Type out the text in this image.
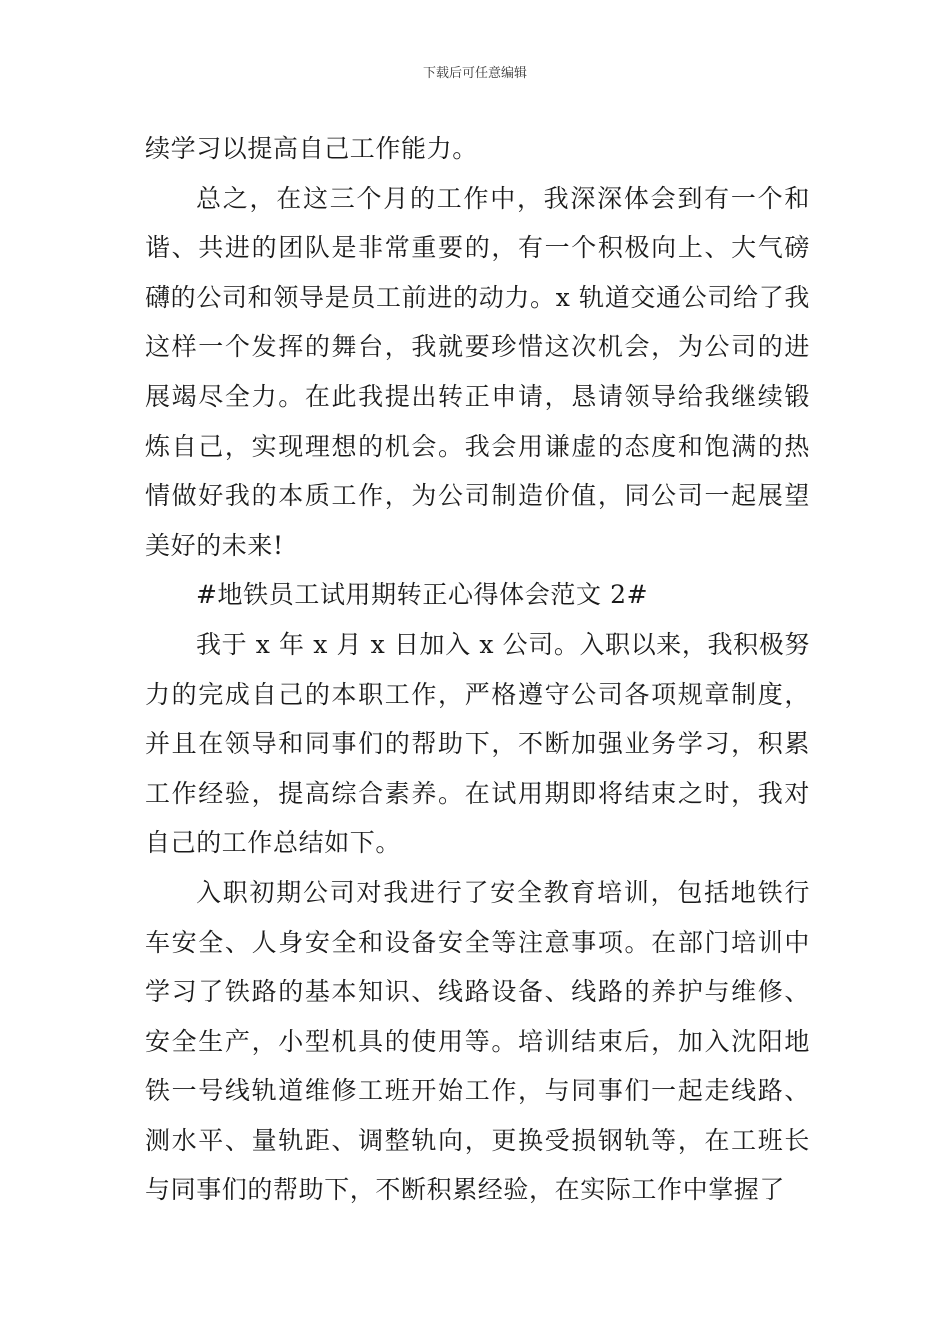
下载后可任意编辑

续学习以提高自己工作能力。

总之，在这三个月的工作中，我深深体会到有一个和谐、共进的团队是非常重要的，有一个积极向上、大气磅礴的公司和领导是员工前进的动力。x 轨道交通公司给了我这样一个发挥的舞台，我就要珍惜这次机会，为公司的进展竭尽全力。在此我提出转正申请，恳请领导给我继续锻炼自己，实现理想的机会。我会用谦虚的态度和饱满的热情做好我的本质工作，为公司制造价值，同公司一起展望美好的未来!

#地铁员工试用期转正心得体会范文 2#

我于 x 年 x 月 x 日加入 x 公司。入职以来，我积极努力的完成自己的本职工作，严格遵守公司各项规章制度，并且在领导和同事们的帮助下，不断加强业务学习，积累工作经验，提高综合素养。在试用期即将结束之时，我对自己的工作总结如下。

入职初期公司对我进行了安全教育培训，包括地铁行车安全、人身安全和设备安全等注意事项。在部门培训中学习了铁路的基本知识、线路设备、线路的养护与维修、安全生产，小型机具的使用等。培训结束后，加入沈阳地铁一号线轨道维修工班开始工作，与同事们一起走线路、测水平、量轨距、调整轨向，更换受损钢轨等，在工班长与同事们的帮助下，不断积累经验，在实际工作中掌握了
